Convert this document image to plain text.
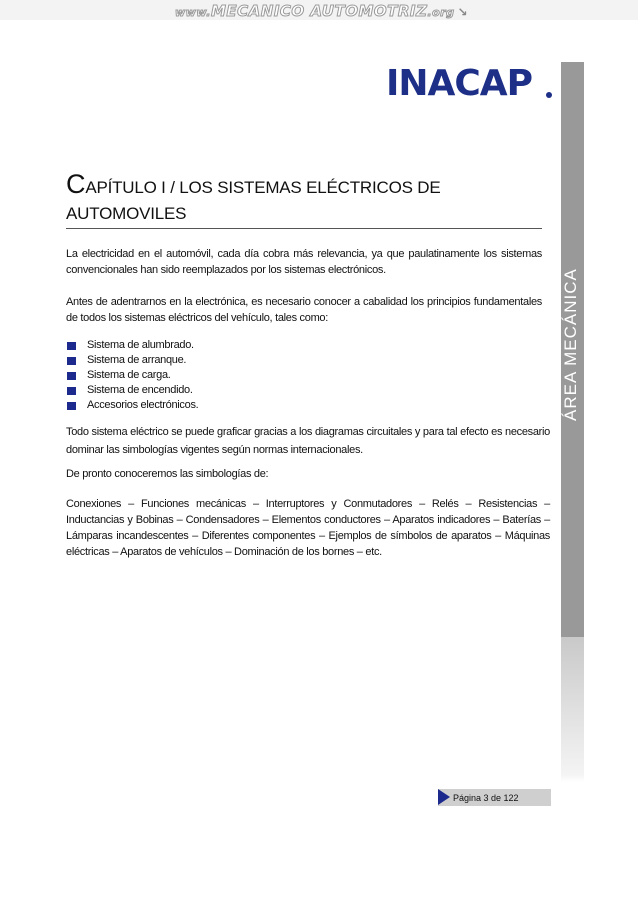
www.MECANICO AUTOMOTRIZ.org ↘
INACAP
ÁREA MECÁNICA
CAPÍTULO I / LOS SISTEMAS ELÉCTRICOS DE AUTOMOVILES
La electricidad en el automóvil, cada día cobra más relevancia, ya que paulatinamente los sistemas convencionales han sido reemplazados por los sistemas electrónicos.
Antes de adentrarnos en la electrónica, es necesario conocer a cabalidad los principios fundamentales de todos los sistemas eléctricos del vehículo, tales como:
Sistema de alumbrado.
Sistema de arranque.
Sistema de carga.
Sistema de encendido.
Accesorios electrónicos.
Todo sistema eléctrico se puede graficar gracias a los diagramas circuitales y para tal efecto es necesario dominar las simbologías vigentes según normas internacionales.
De pronto conoceremos las simbologías de:
Conexiones – Funciones mecánicas – Interruptores y Conmutadores – Relés – Resistencias – Inductancias y Bobinas – Condensadores – Elementos conductores – Aparatos indicadores – Baterías – Lámparas incandescentes – Diferentes componentes – Ejemplos de símbolos de aparatos – Máquinas eléctricas – Aparatos de vehículos – Dominación de los bornes – etc.
Página 3 de 122
